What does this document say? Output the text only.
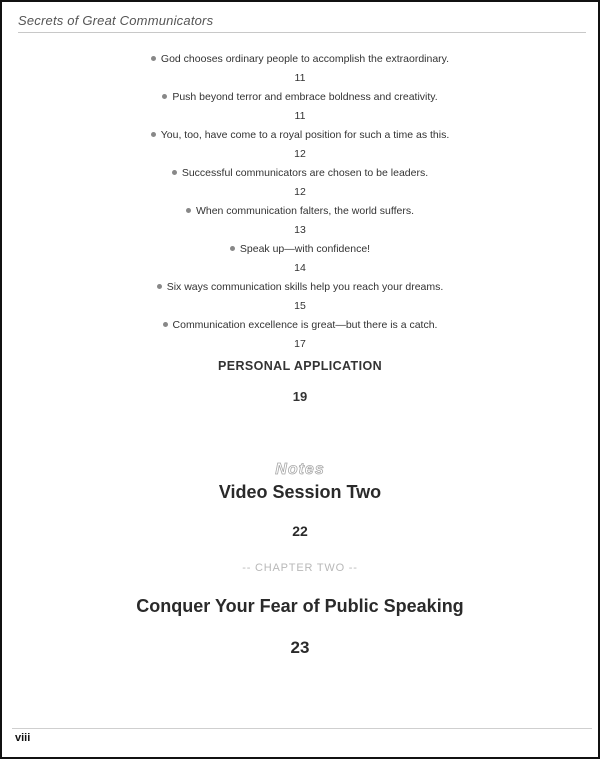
Secrets of Great Communicators
God chooses ordinary people to accomplish the extraordinary.
11
Push beyond terror and embrace boldness and creativity.
11
You, too, have come to a royal position for such a time as this.
12
Successful communicators are chosen to be leaders.
12
When communication falters, the world suffers.
13
Speak up—with confidence!
14
Six ways communication skills help you reach your dreams.
15
Communication excellence is great—but there is a catch.
17
PERSONAL APPLICATION
19
Notes
Video Session Two
22
-- CHAPTER TWO --
Conquer Your Fear of Public Speaking
23
viii
